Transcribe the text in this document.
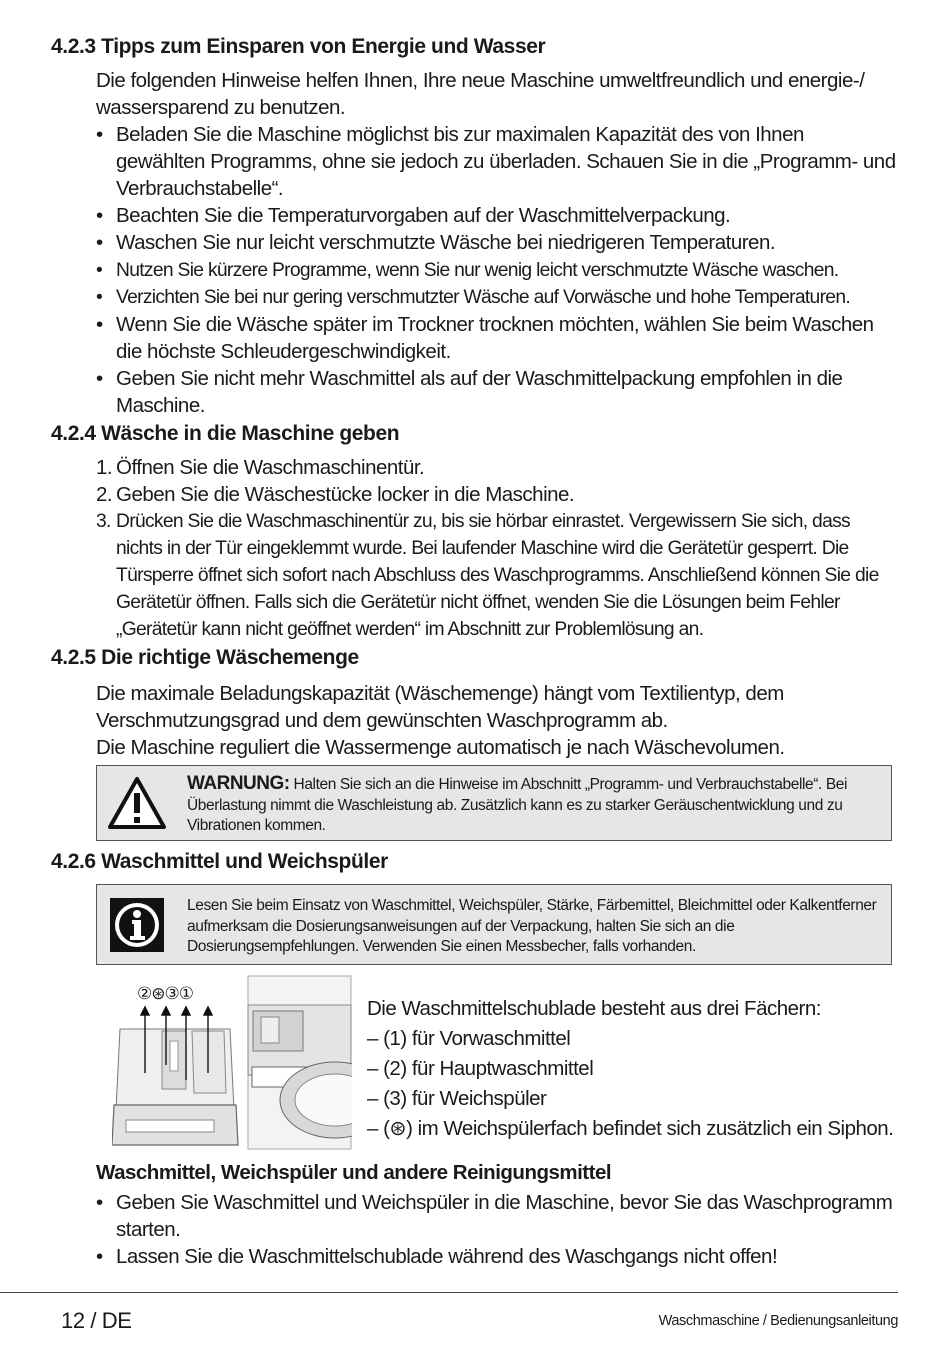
4.2.3 Tipps zum Einsparen von Energie und Wasser
Die folgenden Hinweise helfen Ihnen, Ihre neue Maschine umweltfreundlich und energie-/ wassersparend zu benutzen.
• Beladen Sie die Maschine möglichst bis zur maximalen Kapazität des von Ihnen gewählten Programms, ohne sie jedoch zu überladen. Schauen Sie in die „Programm- und Verbrauchstabelle“.
• Beachten Sie die Temperaturvorgaben auf der Waschmittelverpackung.
• Waschen Sie nur leicht verschmutzte Wäsche bei niedrigeren Temperaturen.
• Nutzen Sie kürzere Programme, wenn Sie nur wenig leicht verschmutzte Wäsche waschen.
• Verzichten Sie bei nur gering verschmutzter Wäsche auf Vorwäsche und hohe Temperaturen.
• Wenn Sie die Wäsche später im Trockner trocknen möchten, wählen Sie beim Waschen die höchste Schleudergeschwindigkeit.
• Geben Sie nicht mehr Waschmittel als auf der Waschmittelpackung empfohlen in die Maschine.
4.2.4 Wäsche in die Maschine geben
1. Öffnen Sie die Waschmaschinentür.
2. Geben Sie die Wäschestücke locker in die Maschine.
3. Drücken Sie die Waschmaschinentür zu, bis sie hörbar einrastet. Vergewissern Sie sich, dass nichts in der Tür eingeklemmt wurde. Bei laufender Maschine wird die Gerätetür gesperrt. Die Türsperre öffnet sich sofort nach Abschluss des Waschprogramms. Anschließend können Sie die Gerätetür öffnen. Falls sich die Gerätetür nicht öffnet, wenden Sie die Lösungen beim Fehler „Gerätetür kann nicht geöffnet werden“ im Abschnitt zur Problemlösung an.
4.2.5 Die richtige Wäschemenge
Die maximale Beladungskapazität (Wäschemenge) hängt vom Textilientyp, dem Verschmutzungsgrad und dem gewünschten Waschprogramm ab.
Die Maschine reguliert die Wassermenge automatisch je nach Wäschevolumen.
WARNUNG: Halten Sie sich an die Hinweise im Abschnitt „Programm- und Verbrauchstabelle“. Bei Überlastung nimmt die Waschleistung ab. Zusätzlich kann es zu starker Geräuschentwicklung und zu Vibrationen kommen.
4.2.6 Waschmittel und Weichspüler
Lesen Sie beim Einsatz von Waschmittel, Weichspüler, Stärke, Färbemittel, Bleichmittel oder Kalkentferner aufmerksam die Dosierungsanweisungen auf der Verpackung, halten Sie sich an die Dosierungsempfehlungen. Verwenden Sie einen Messbecher, falls vorhanden.
②⊛③①
Die Waschmittelschublade besteht aus drei Fächern:
– (1) für Vorwaschmittel
– (2) für Hauptwaschmittel
– (3) für Weichspüler
– (⊛) im Weichspülerfach befindet sich zusätzlich ein Siphon.
Waschmittel, Weichspüler und andere Reinigungsmittel
• Geben Sie Waschmittel und Weichspüler in die Maschine, bevor Sie das Waschprogramm starten.
• Lassen Sie die Waschmittelschublade während des Waschgangs nicht offen!
12 / DE	Waschmaschine / Bedienungsanleitung
